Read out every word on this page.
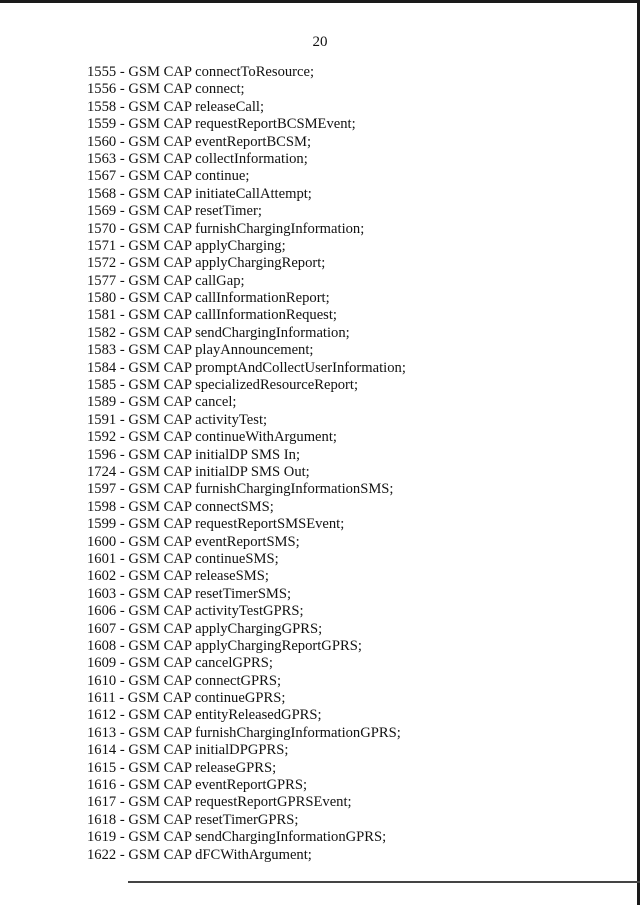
20
1555 - GSM CAP connectToResource;
1556 - GSM CAP connect;
1558 - GSM CAP releaseCall;
1559 - GSM CAP requestReportBCSMEvent;
1560 - GSM CAP eventReportBCSM;
1563 - GSM CAP collectInformation;
1567 - GSM CAP continue;
1568 - GSM CAP initiateCallAttempt;
1569 - GSM CAP resetTimer;
1570 - GSM CAP furnishChargingInformation;
1571 - GSM CAP applyCharging;
1572 - GSM CAP applyChargingReport;
1577 - GSM CAP callGap;
1580 - GSM CAP callInformationReport;
1581 - GSM CAP callInformationRequest;
1582 - GSM CAP sendChargingInformation;
1583 - GSM CAP playAnnouncement;
1584 - GSM CAP promptAndCollectUserInformation;
1585 - GSM CAP specializedResourceReport;
1589 - GSM CAP cancel;
1591 - GSM CAP activityTest;
1592 - GSM CAP continueWithArgument;
1596 - GSM CAP initialDP SMS In;
1724 - GSM CAP initialDP SMS Out;
1597 - GSM CAP furnishChargingInformationSMS;
1598 - GSM CAP connectSMS;
1599 - GSM CAP requestReportSMSEvent;
1600 - GSM CAP eventReportSMS;
1601 - GSM CAP continueSMS;
1602 - GSM CAP releaseSMS;
1603 - GSM CAP resetTimerSMS;
1606 - GSM CAP activityTestGPRS;
1607 - GSM CAP applyChargingGPRS;
1608 - GSM CAP applyChargingReportGPRS;
1609 - GSM CAP cancelGPRS;
1610 - GSM CAP connectGPRS;
1611 - GSM CAP continueGPRS;
1612 - GSM CAP entityReleasedGPRS;
1613 - GSM CAP furnishChargingInformationGPRS;
1614 - GSM CAP initialDPGPRS;
1615 - GSM CAP releaseGPRS;
1616 - GSM CAP eventReportGPRS;
1617 - GSM CAP requestReportGPRSEvent;
1618 - GSM CAP resetTimerGPRS;
1619 - GSM CAP sendChargingInformationGPRS;
1622 - GSM CAP dFCWithArgument;
